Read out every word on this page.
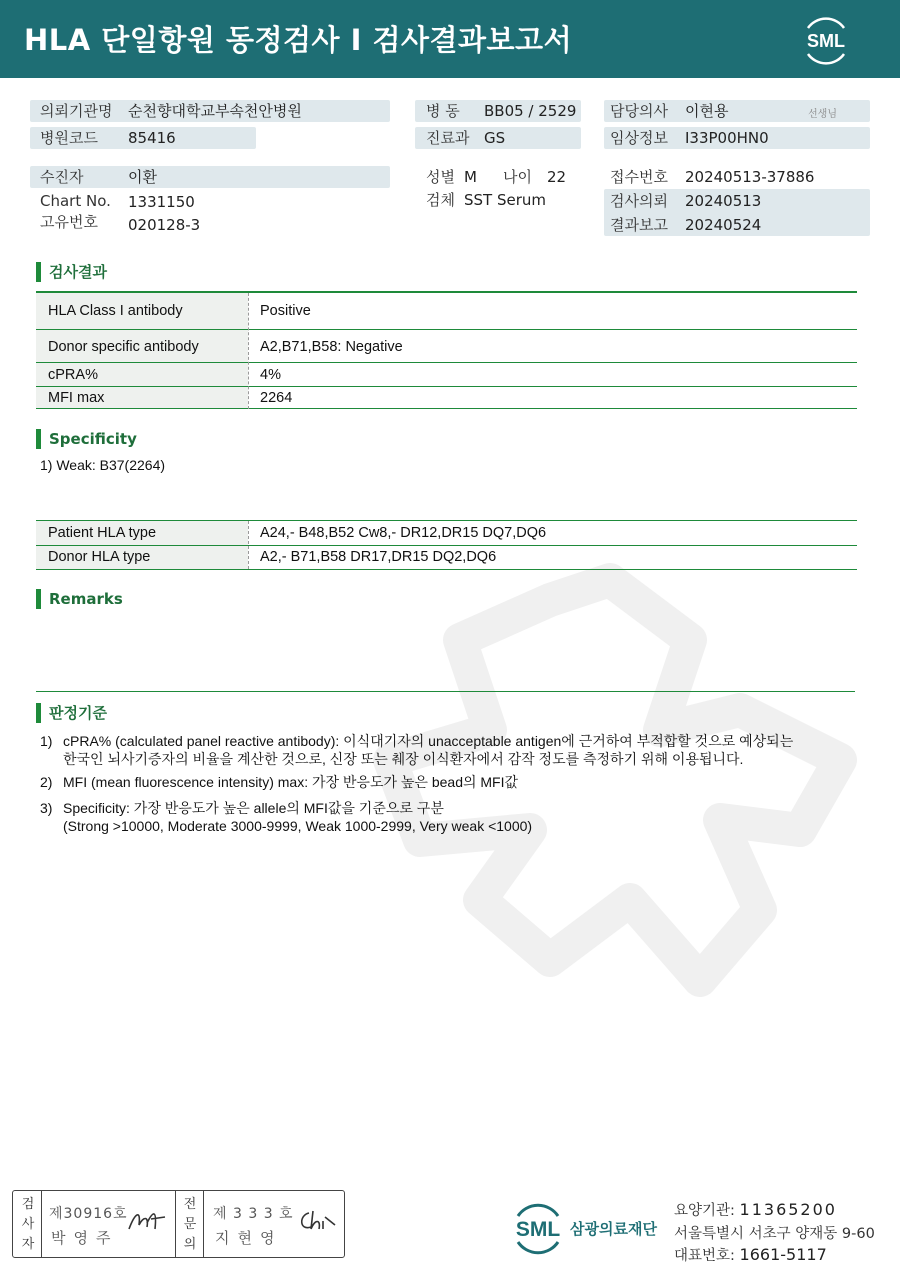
HLA 단일항원 동정검사 I 검사결과보고서	SML
의뢰기관명 순천향대학교부속천안병원
병원코드 85416
병 동 BB05 / 2529
진료과 GS
담당의사 이현용	선생님
임상정보 I33P00HN0
수진자	이환
Chart No. 1331150
고유번호 020128-3
성별 M 나이 22
검체 SST Serum
접수번호 20240513-37886
검사의뢰 20240513
결과보고 20240524
검사결과
HLA Class I antibody	Positive
Donor specific antibody	A2,B71,B58: Negative
cPRA%	4%
MFI max	2264
Specificity
1) Weak: B37(2264)
Patient HLA type	A24,- B48,B52 Cw8,- DR12,DR15 DQ7,DQ6
Donor HLA type	A2,- B71,B58 DR17,DR15 DQ2,DQ6
Remarks
판정기준
1) cPRA% (calculated panel reactive antibody): 이식대기자의 unacceptable antigen에 근거하여 부적합할 것으로 예상되는
한국인 뇌사기증자의 비율을 계산한 것으로, 신장 또는 췌장 이식환자에서 감작 정도를 측정하기 위해 이용됩니다.
2) MFI (mean fluorescence intensity) max: 가장 반응도가 높은 bead의 MFI값
3) Specificity: 가장 반응도가 높은 allele의 MFI값을 기준으로 구분
(Strong >10000, Moderate 3000-9999, Weak 1000-2999, Very weak <1000)
검
사
자
제30916호
박영주
전
문
의
제 3 3 3 호
지현영	SML 삼광의료재단
요양기관: 11365200
서울특별시 서초구 양재동 9-60
대표번호: 1661-5117
